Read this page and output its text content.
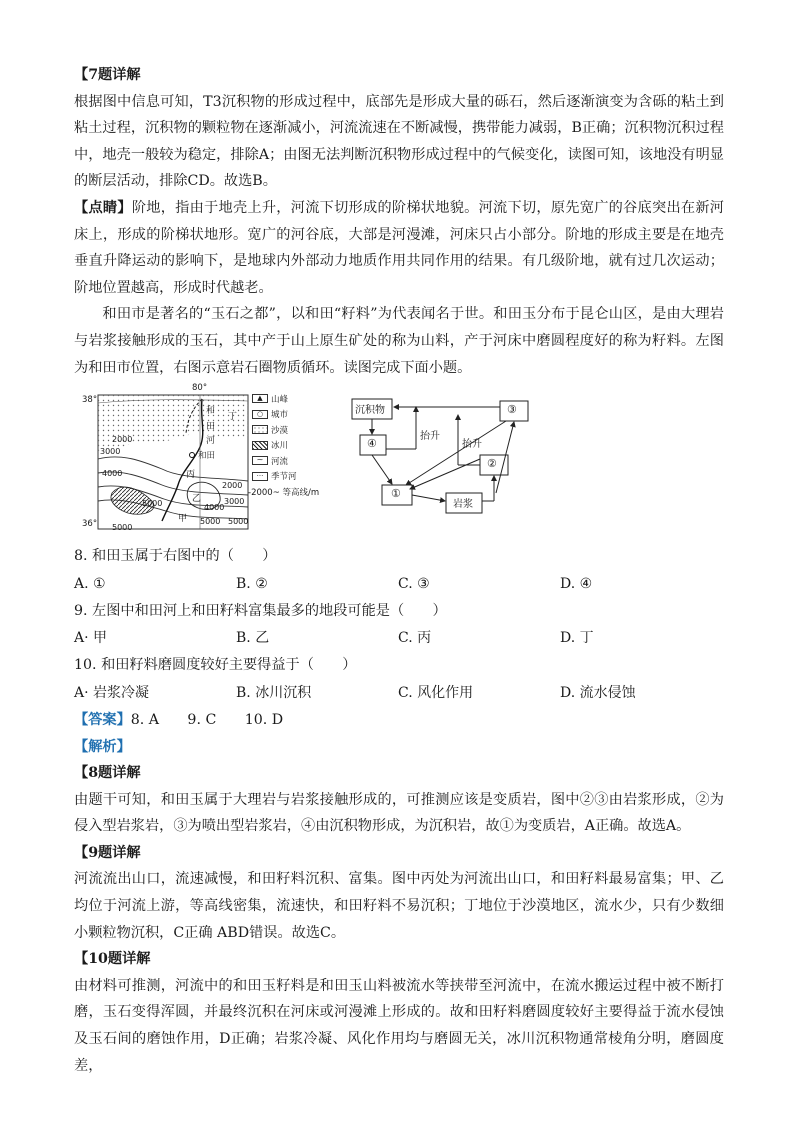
【7题详解

根据图中信息可知，T3沉积物的形成过程中，底部先是形成大量的砾石，然后逐渐演变为含砾的粘土到粘土过程，沉积物的颗粒物在逐渐减小，河流流速在不断减慢，携带能力减弱，B正确；沉积物沉积过程中，地壳一般较为稳定，排除A；由图无法判断沉积物形成过程中的气候变化，读图可知，该地没有明显的断层活动，排除CD。故选B。

【点睛】阶地，指由于地壳上升，河流下切形成的阶梯状地貌。河流下切，原先宽广的谷底突出在新河床上，形成的阶梯状地形。宽广的河谷底，大部是河漫滩，河床只占小部分。阶地的形成主要是在地壳垂直升降运动的影响下，是地球内外部动力地质作用共同作用的结果。有几级阶地，就有过几次运动；阶地位置越高，形成时代越老。

和田市是著名的“玉石之都”，以和田“籽料”为代表闻名于世。和田玉分布于昆仑山区，是由大理岩与岩浆接触形成的玉石，其中产于山上原生矿处的称为山料，产于河床中磨圆程度好的称为籽料。左图为和田市位置，右图示意岩石圈物质循环。读图完成下面小题。

38°
36°
80°
和
田
河
和田
甲
乙
丙
丁
2000
3000
4000
2000
3000
4000
5000
5000
5000
5000
▲ 山峰
○ 城市
沙漠
冰川
~ 河流
··· 季节河
-2000~ 等高线/m
沉积物
④
①
岩浆
②
③
抬升
抬升

8. 和田玉属于右图中的（　　）

A. ①	B. ②	C. ③	D. ④

9. 左图中和田河上和田籽料富集最多的地段可能是（　　）

A· 甲	B. 乙	C. 丙	D. 丁

10. 和田籽料磨圆度较好主要得益于（　　）

A· 岩浆冷凝	B. 冰川沉积	C. 风化作用	D. 流水侵蚀

【答案】8. A　　9. C　　10. D

【解析】

【8题详解

由题干可知，和田玉属于大理岩与岩浆接触形成的，可推测应该是变质岩，图中②③由岩浆形成，②为侵入型岩浆岩，③为喷出型岩浆岩，④由沉积物形成，为沉积岩，故①为变质岩，A正确。故选A。

【9题详解

河流流出山口，流速减慢，和田籽料沉积、富集。图中丙处为河流出山口，和田籽料最易富集；甲、乙均位于河流上游，等高线密集，流速快，和田籽料不易沉积；丁地位于沙漠地区，流水少，只有少数细小颗粒物沉积，C正确 ABD错误。故选C。

【10题详解

由材料可推测，河流中的和田玉籽料是和田玉山料被流水等挟带至河流中，在流水搬运过程中被不断打磨，玉石变得浑圆，并最终沉积在河床或河漫滩上形成的。故和田籽料磨圆度较好主要得益于流水侵蚀及玉石间的磨蚀作用，D正确；岩浆冷凝、风化作用均与磨圆无关，冰川沉积物通常棱角分明，磨圆度差，
